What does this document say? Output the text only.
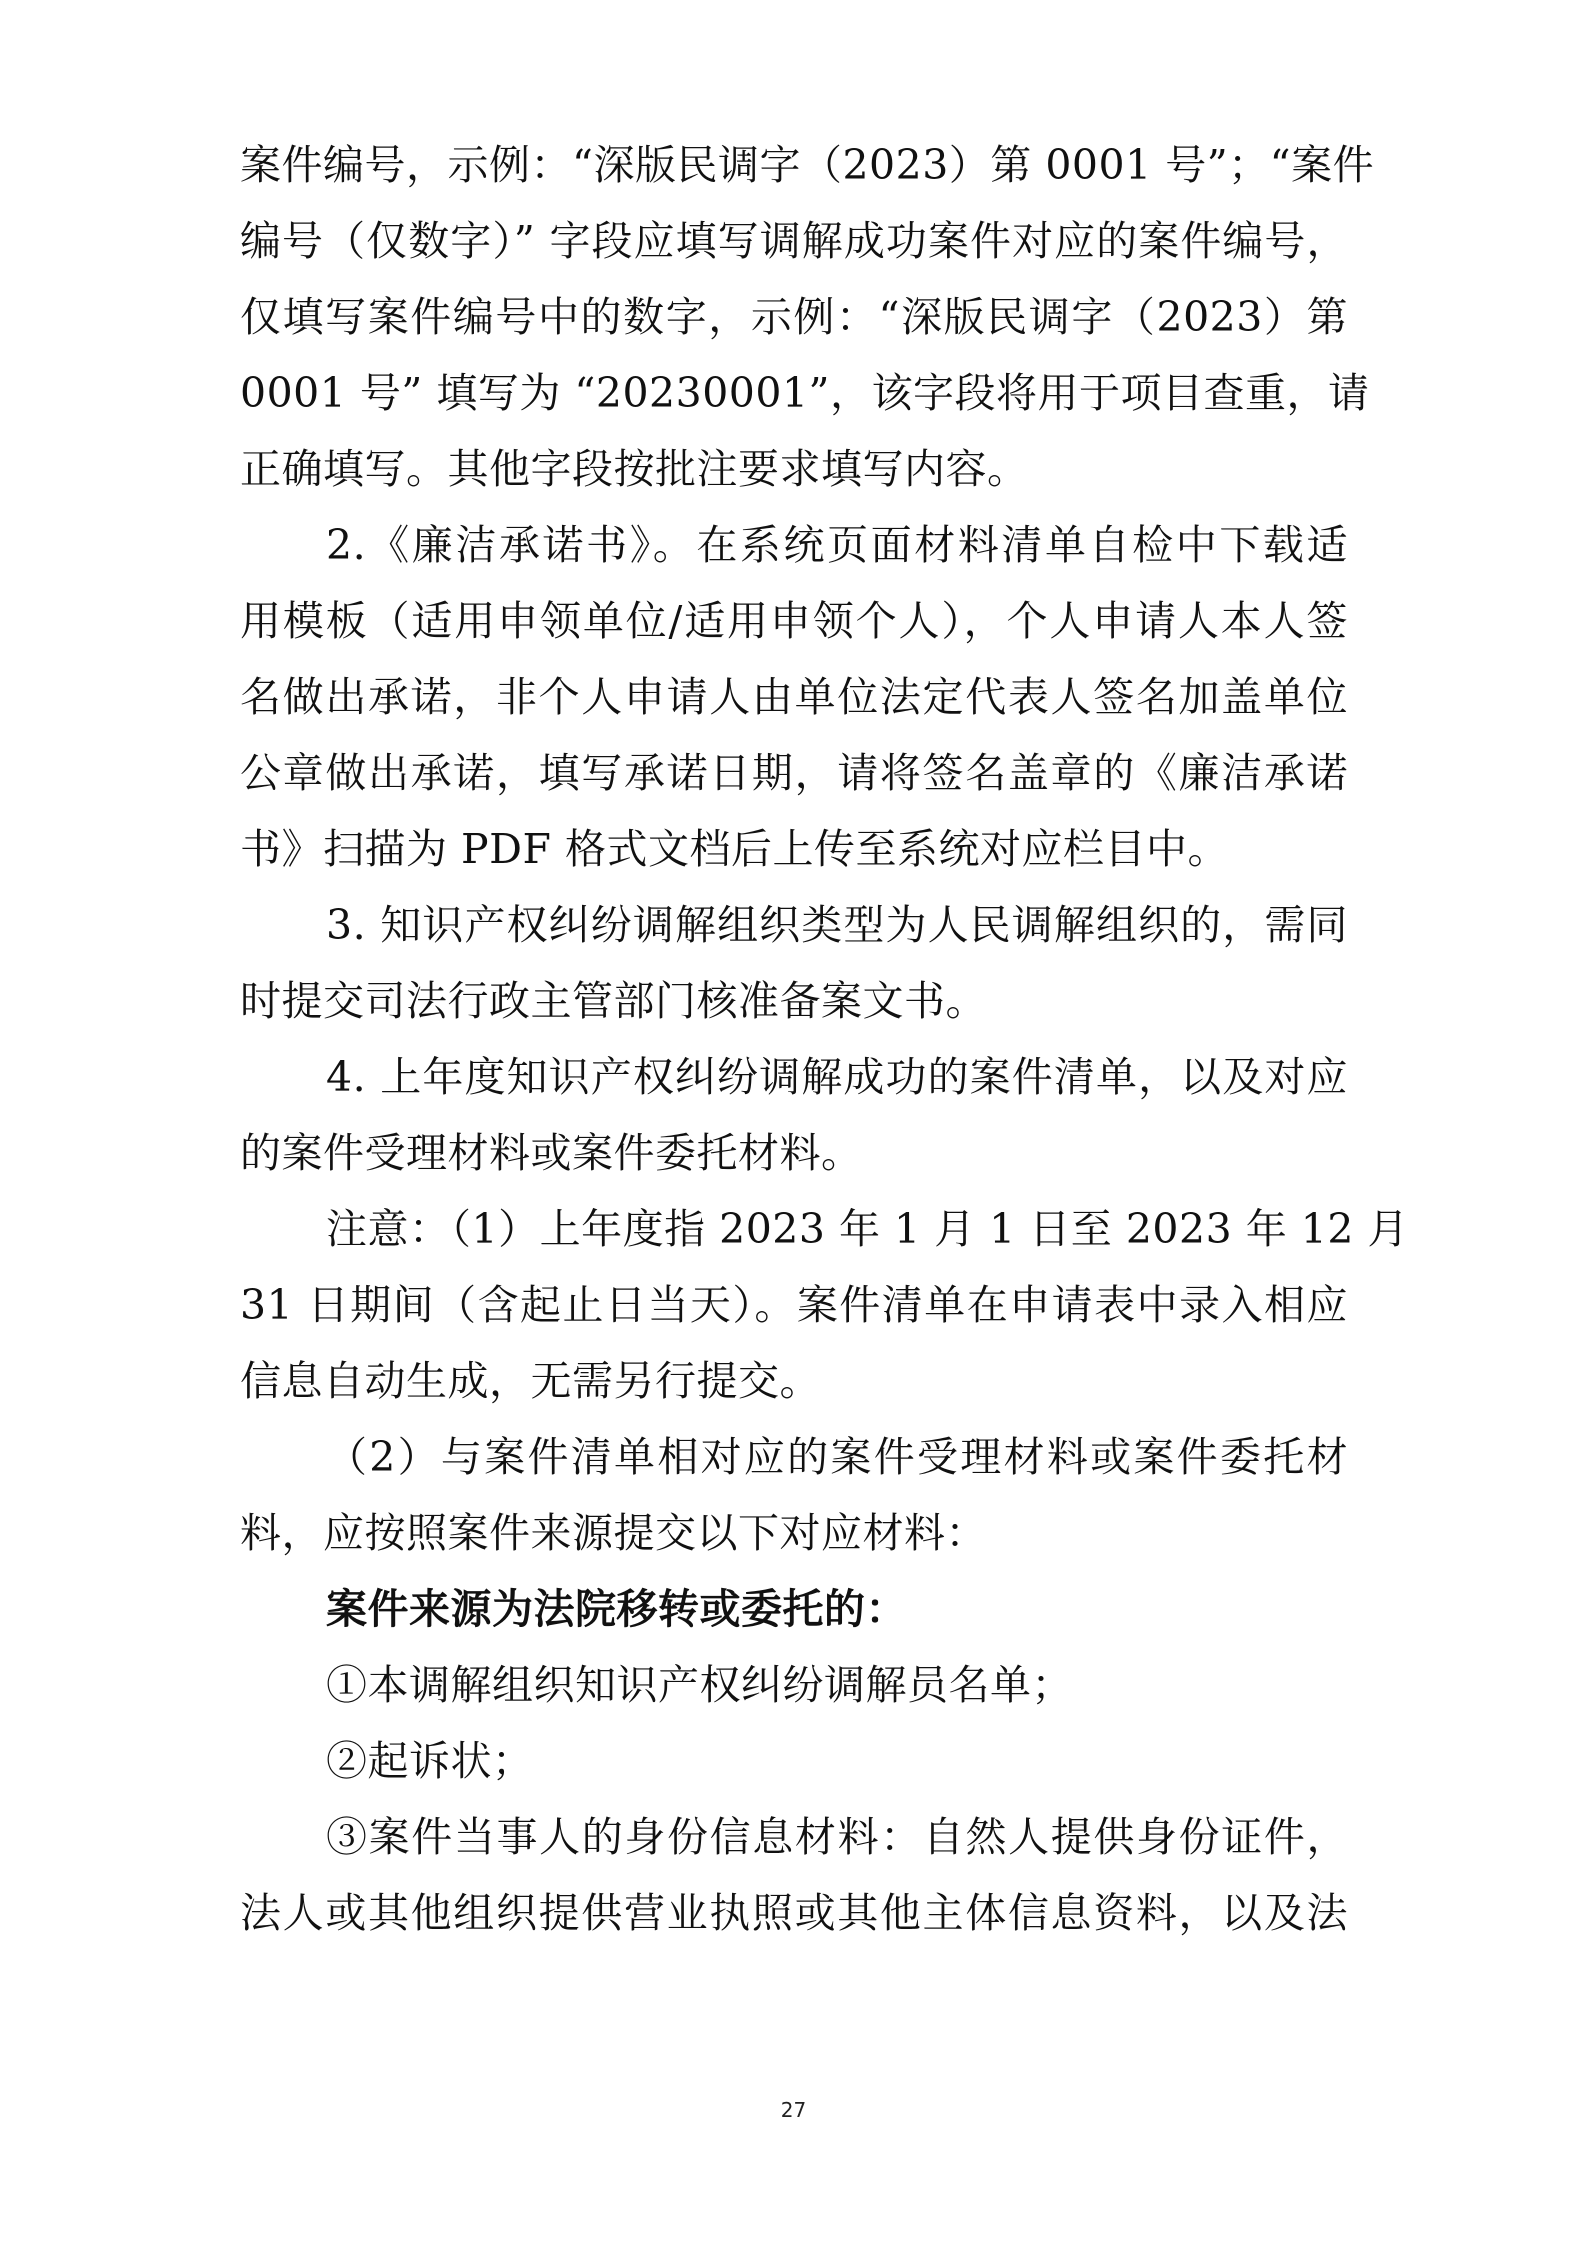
案件编号，示例：“深版民调字（2023）第 0001 号”；“案件
编号（仅数字）” 字段应填写调解成功案件对应的案件编号，
仅填写案件编号中的数字，示例：“深版民调字（2023）第
0001 号” 填写为 “20230001”，该字段将用于项目查重，请
正确填写。其他字段按批注要求填写内容。
2.《廉洁承诺书》。在系统页面材料清单自检中下载适
用模板（适用申领单位/适用申领个人），个人申请人本人签
名做出承诺，非个人申请人由单位法定代表人签名加盖单位
公章做出承诺，填写承诺日期，请将签名盖章的《廉洁承诺
书》扫描为 PDF 格式文档后上传至系统对应栏目中。
3. 知识产权纠纷调解组织类型为人民调解组织的，需同
时提交司法行政主管部门核准备案文书。
4. 上年度知识产权纠纷调解成功的案件清单，以及对应
的案件受理材料或案件委托材料。
注意：（1）上年度指 2023 年 1 月 1 日至 2023 年 12 月
31 日期间（含起止日当天）。案件清单在申请表中录入相应
信息自动生成，无需另行提交。
（2）与案件清单相对应的案件受理材料或案件委托材
料，应按照案件来源提交以下对应材料：
案件来源为法院移转或委托的：
①本调解组织知识产权纠纷调解员名单；
②起诉状；
③案件当事人的身份信息材料：自然人提供身份证件，
法人或其他组织提供营业执照或其他主体信息资料，以及法
27
